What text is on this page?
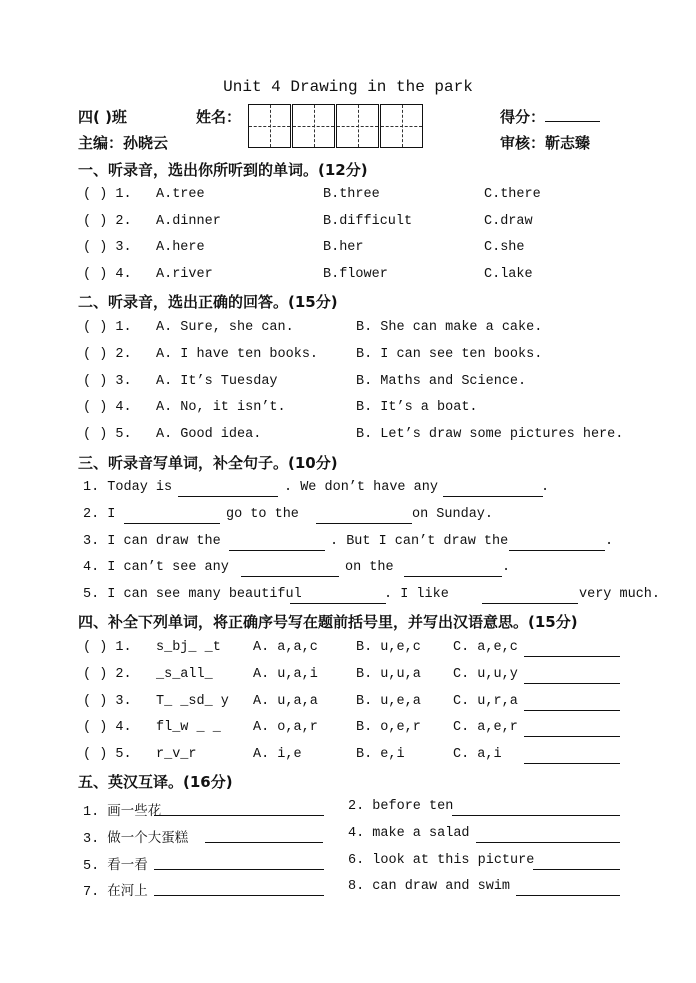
Unit 4 Drawing in the park
四( )班	姓名：	得分：
主编：孙晓云	审核：靳志臻
一、听录音，选出你所听到的单词。(12分)
二、听录音，选出正确的回答。(15分)
三、听录音写单词，补全句子。(10分)
四、补全下列单词，将正确序号写在题前括号里，并写出汉语意思。(15分)
五、英汉互译。(16分)
( ) 1. A.tree	B.three	C.there
( ) 2. A.dinner	B.difficult	C.draw
( ) 3. A.here	B.her	C.she
( ) 4. A.river	B.flower	C.lake
( ) 1. A. Sure, she can.	B. She can make a cake.
( ) 2. A. I have ten books.	B. I can see ten books.
( ) 3. A. It’s Tuesday	B. Maths and Science.
( ) 4. A. No, it isn’t.	B. It’s a boat.
( ) 5. A. Good idea.	B. Let’s draw some pictures here.
1. Today is	. We don’t have any	.
2. I	go to the	on Sunday.
3. I can draw the	. But I can’t draw the	.
4. I can’t see any	on the	.
5. I can see many beautiful	. I like	very much.
( ) 1. s_bj_ _t A. a,a,c	B. u,e,c C. a,e,c
( ) 2. _s_all_	A. u,a,i	B. u,u,a C. u,u,y
( ) 3. T_ _sd_ y A. u,a,a	B. u,e,a C. u,r,a
( ) 4. fl_w _ _ A. o,a,r	B. o,e,r C. a,e,r
( ) 5. r_v_r	A. i,e	B. e,i	C. a,i
1. 画一些花	2. before ten
3. 做一个大蛋糕	4. make a salad
5. 看一看	6. look at this picture
7. 在河上	8. can draw and swim
